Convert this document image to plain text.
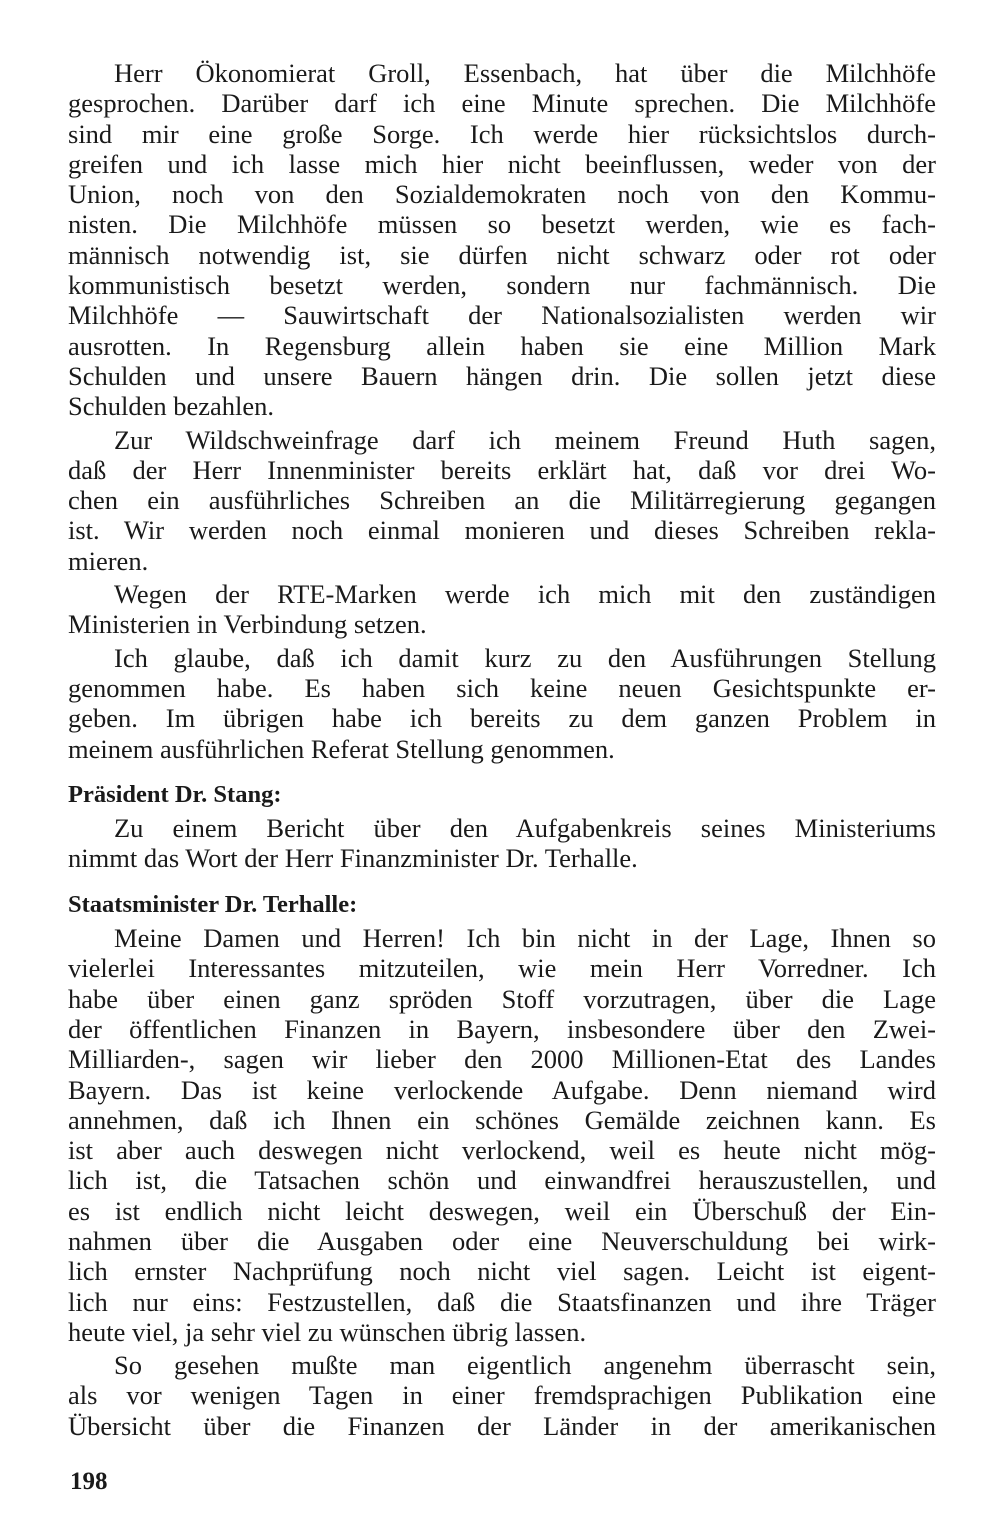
Herr Ökonomierat Groll, Essenbach, hat über die Milchhöfe
gesprochen. Darüber darf ich eine Minute sprechen. Die Milchhöfe
sind mir eine große Sorge. Ich werde hier rücksichtslos durch-
greifen und ich lasse mich hier nicht beeinflussen, weder von der
Union, noch von den Sozialdemokraten noch von den Kommu-
nisten. Die Milchhöfe müssen so besetzt werden, wie es fach-
männisch notwendig ist, sie dürfen nicht schwarz oder rot oder
kommunistisch besetzt werden, sondern nur fachmännisch. Die
Milchhöfe — Sauwirtschaft der Nationalsozialisten werden wir
ausrotten. In Regensburg allein haben sie eine Million Mark
Schulden und unsere Bauern hängen drin. Die sollen jetzt diese
Schulden bezahlen.

Zur Wildschweinfrage darf ich meinem Freund Huth sagen,
daß der Herr Innenminister bereits erklärt hat, daß vor drei Wo-
chen ein ausführliches Schreiben an die Militärregierung gegangen
ist. Wir werden noch einmal monieren und dieses Schreiben rekla-
mieren.

Wegen der RTE-Marken werde ich mich mit den zuständigen
Ministerien in Verbindung setzen.

Ich glaube, daß ich damit kurz zu den Ausführungen Stellung
genommen habe. Es haben sich keine neuen Gesichtspunkte er-
geben. Im übrigen habe ich bereits zu dem ganzen Problem in
meinem ausführlichen Referat Stellung genommen.

Präsident Dr. Stang:

Zu einem Bericht über den Aufgabenkreis seines Ministeriums
nimmt das Wort der Herr Finanzminister Dr. Terhalle.

Staatsminister Dr. Terhalle:

Meine Damen und Herren! Ich bin nicht in der Lage, Ihnen so
vielerlei Interessantes mitzuteilen, wie mein Herr Vorredner. Ich
habe über einen ganz spröden Stoff vorzutragen, über die Lage
der öffentlichen Finanzen in Bayern, insbesondere über den Zwei-
Milliarden-, sagen wir lieber den 2000 Millionen-Etat des Landes
Bayern. Das ist keine verlockende Aufgabe. Denn niemand wird
annehmen, daß ich Ihnen ein schönes Gemälde zeichnen kann. Es
ist aber auch deswegen nicht verlockend, weil es heute nicht mög-
lich ist, die Tatsachen schön und einwandfrei herauszustellen, und
es ist endlich nicht leicht deswegen, weil ein Überschuß der Ein-
nahmen über die Ausgaben oder eine Neuverschuldung bei wirk-
lich ernster Nachprüfung noch nicht viel sagen. Leicht ist eigent-
lich nur eins: Festzustellen, daß die Staatsfinanzen und ihre Träger
heute viel, ja sehr viel zu wünschen übrig lassen.

So gesehen mußte man eigentlich angenehm überrascht sein,
als vor wenigen Tagen in einer fremdsprachigen Publikation eine
Übersicht über die Finanzen der Länder in der amerikanischen

198
